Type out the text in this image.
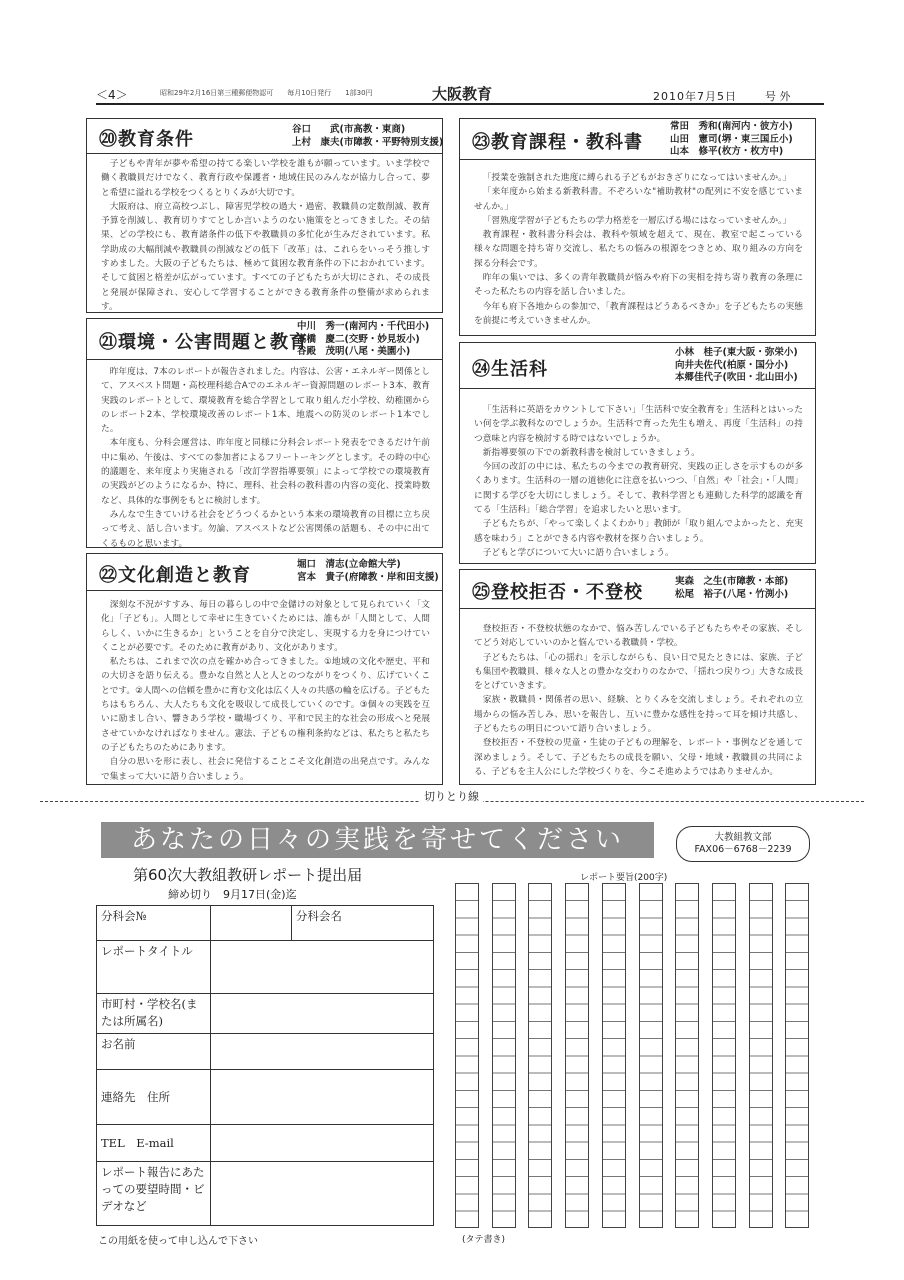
＜4＞	昭和29年2月16日第三種郵便物認可　　毎月10日発行　　1部30円	大阪教育	2010年7月5日	号 外
⑳教育条件	谷口　　武(市高教・東商)
上村　康夫(市障教・平野特別支援)

子どもや青年が夢や希望の持てる楽しい学校を誰もが願っています。いま学校で働く教職員だけでなく、教育行政や保護者・地域住民のみんなが協力し合って、夢と希望に溢れる学校をつくるとりくみが大切です。

大阪府は、府立高校つぶし、障害児学校の過大・過密、教職員の定数削減、教育予算を削減し、教育切りすてとしか言いようのない施策をとってきました。その結果、どの学校にも、教育諸条件の低下や教職員の多忙化が生みだされています。私学助成の大幅削減や教職員の削減などの低下「改革」は、これらをいっそう推しすすめました。大阪の子どもたちは、極めて貧困な教育条件の下におかれています。そして貧困と格差が広がっています。すべての子どもたちが大切にされ、その成長と発展が保障され、安心して学習することができる教育条件の整備が求められます。

㉑環境・公害問題と教育
中川　秀一(南河内・千代田小)
高橋　慶二(交野・妙見坂小)
谷殿　茂明(八尾・美園小)

昨年度は、7本のレポートが報告されました。内容は、公害・エネルギー関係として、アスベスト問題・高校理科総合Aでのエネルギー資源問題のレポート3本、教育実践のレポートとして、環境教育を総合学習として取り組んだ小学校、幼稚園からのレポート2本、学校環境改善のレポート1本、地震への防災のレポート1本でした。

本年度も、分科会運営は、昨年度と同様に分科会レポート発表をできるだけ午前中に集め、午後は、すべての参加者によるフリートーキングとします。その時の中心的議題を、来年度より実施される「改訂学習指導要領」によって学校での環境教育の実践がどのようになるか、特に、理科、社会科の教科書の内容の変化、授業時数など、具体的な事例をもとに検討します。

みんなで生きていける社会をどうつくるかという本来の環境教育の目標に立ち戻って考え、話し合います。勿論、アスベストなど公害関係の話題も、その中に出てくるものと思います。

㉒文化創造と教育
堀口　清志(立命館大学)
宮本　貴子(府障教・岸和田支援)

深刻な不況がすすみ、毎日の暮らしの中で金儲けの対象として見られていく「文化」「子ども」。人間として幸せに生きていくためには、誰もが「人間として、人間らしく、いかに生きるか」ということを自分で決定し、実現する力を身につけていくことが必要です。そのために教育があり、文化があります。

私たちは、これまで次の点を確かめ合ってきました。①地域の文化や歴史、平和の大切さを語り伝える。豊かな自然と人と人とのつながりをつくり、広げていくことです。②人間への信頼を豊かに育む文化は広く人々の共感の輪を広げる。子どもたちはもちろん、大人たちも文化を吸収して成長していくのです。③個々の実践を互いに励まし合い、響きあう学校・職場づくり、平和で民主的な社会の形成へと発展させていかなければなりません。憲法、子どもの権利条約などは、私たちと私たちの子どもたちのためにあります。

自分の思いを形に表し、社会に発信することこそ文化創造の出発点です。みんなで集まって大いに語り合いましょう。

㉓教育課程・教科書
常田　秀和(南河内・彼方小)
山田　憲司(堺・東三国丘小)
山本　修平(枚方・枚方中)

「授業を強制された進度に縛られる子どもがおきざりになってはいませんか。」

「来年度から始まる新教科書。不ぞろいな"補助教材"の配列に不安を感じていませんか。」

「習熟度学習が子どもたちの学力格差を一層広げる場にはなっていませんか。」

教育課程・教科書分科会は、教科や領域を超えて、現在、教室で起こっている様々な問題を持ち寄り交流し、私たちの悩みの根源をつきとめ、取り組みの方向を探る分科会です。

昨年の集いでは、多くの青年教職員が悩みや府下の実相を持ち寄り教育の条理にそった私たちの内容を話し合いました。

今年も府下各地からの参加で、「教育課程はどうあるべきか」を子どもたちの実態を前提に考えていきませんか。

㉔生活科
小林　桂子(東大阪・弥栄小)
向井夫佐代(柏原・国分小)
本郷佳代子(吹田・北山田小)

「生活科に英語をカウントして下さい」「生活科で安全教育を」生活科とはいったい何を学ぶ教科なのでしょうか。生活科で育った先生も増え、再度「生活科」の持つ意味と内容を検討する時ではないでしょうか。

新指導要領の下での新教科書を検討していきましょう。

今回の改訂の中には、私たちの今までの教育研究、実践の正しさを示すものが多くあります。生活科の一層の道徳化に注意を払いつつ、「自然」や「社会」・「人間」に関する学びを大切にしましょう。そして、教科学習とも連動した科学的認識を育てる「生活科」「総合学習」を追求したいと思います。

子どもたちが、「やって楽しくよくわかり」教師が「取り組んでよかったと、充実感を味わう」ことができる内容や教材を探り合いましょう。

子どもと学びについて大いに語り合いましょう。

㉕登校拒否・不登校
実森　之生(市障教・本部)
松尾　裕子(八尾・竹渕小)

登校拒否・不登校状態のなかで、悩み苦しんでいる子どもたちやその家族、そしてどう対応していいのかと悩んでいる教職員・学校。

子どもたちは、「心の揺れ」を示しながらも、良い日で見たときには、家族、子ども集団や教職員、様々な人との豊かな交わりのなかで、「揺れつ戻りつ」大きな成長をとげていきます。

家族・教職員・関係者の思い、経験、とりくみを交流しましょう。それぞれの立場からの悩み苦しみ、思いを報告し、互いに豊かな感性を持って耳を傾け共感し、子どもたちの明日について語り合いましょう。

登校拒否・不登校の児童・生徒の子どもの理解を、レポート・事例などを通して深めましょう。そして、子どもたちの成長を願い、父母・地域・教職員の共同による、子どもを主人公にした学校づくりを、今こそ進めようではありませんか。

切りとり線
あなたの日々の実践を寄せてください	大教組教文部
FAX06－6768－2239
第60次大教組教研レポート提出届
締め切り　9月17日(金)迄
分科会№		分科会名
レポートタイトル		
市町村・学校名(または所属名)		
お名前		
連絡先　住所		
TEL　E-mail		
レポート報告にあたっての要望時間・ビデオなど		
この用紙を使って申し込んで下さい
レポート要旨(200字)
(タテ書き)
